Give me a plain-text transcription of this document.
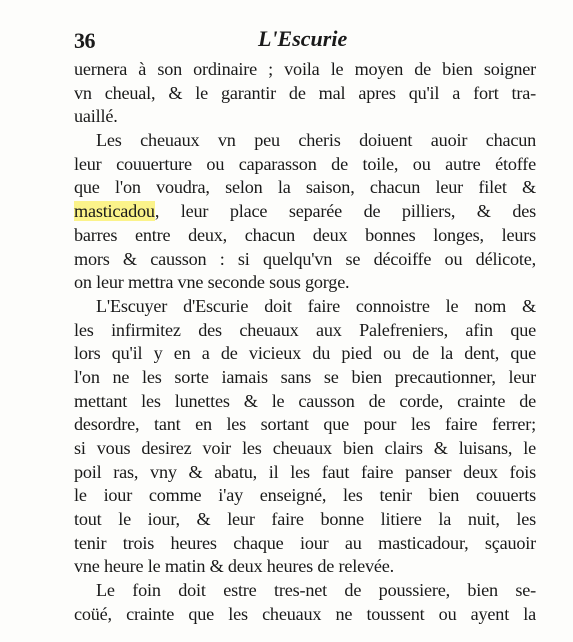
36	L'Escurie
uernera à son ordinaire ; voila le moyen de bien soigner
vn cheual, & le garantir de mal apres qu'il a fort tra-
uaillé.
Les cheuaux vn peu cheris doiuent auoir chacun
leur couuerture ou caparasson de toile, ou autre étoffe
que l'on voudra, selon la saison, chacun leur filet &
masticadou, leur place separée de pilliers, & des
barres entre deux, chacun deux bonnes longes, leurs
mors & causson : si quelqu'vn se décoiffe ou délicote,
on leur mettra vne seconde sous gorge.
L'Escuyer d'Escurie doit faire connoistre le nom &
les infirmitez des cheuaux aux Palefreniers, afin que
lors qu'il y en a de vicieux du pied ou de la dent, que
l'on ne les sorte iamais sans se bien precautionner, leur
mettant les lunettes & le causson de corde, crainte de
desordre, tant en les sortant que pour les faire ferrer;
si vous desirez voir les cheuaux bien clairs & luisans, le
poil ras, vny & abatu, il les faut faire panser deux fois
le iour comme i'ay enseigné, les tenir bien couuerts
tout le iour, & leur faire bonne litiere la nuit, les
tenir trois heures chaque iour au masticadour, sçauoir
vne heure le matin & deux heures de relevée.
Le foin doit estre tres-net de poussiere, bien se-
coüé, crainte que les cheuaux ne toussent ou ayent la
